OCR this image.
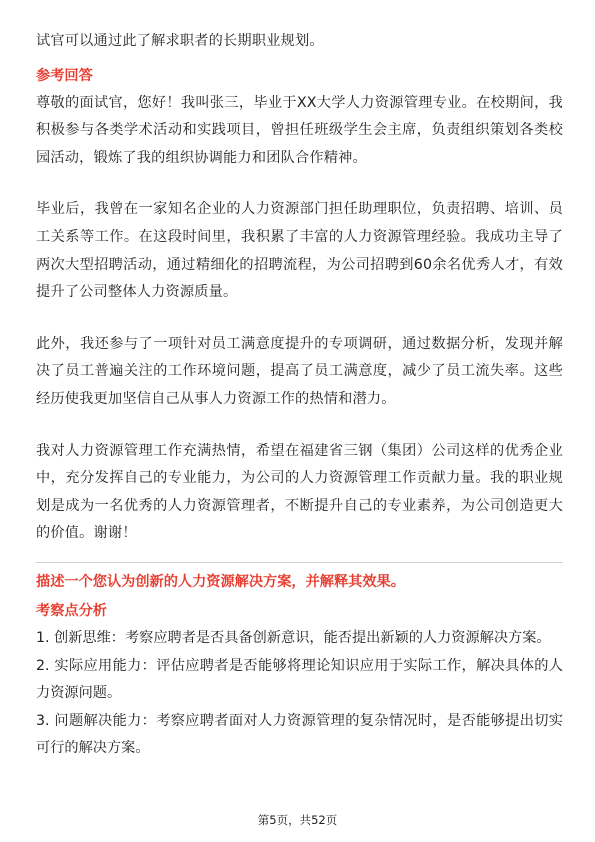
试官可以通过此了解求职者的长期职业规划。

参考回答

尊敬的面试官，您好！我叫张三，毕业于XX大学人力资源管理专业。在校期间，我积极参与各类学术活动和实践项目，曾担任班级学生会主席，负责组织策划各类校园活动，锻炼了我的组织协调能力和团队合作精神。

毕业后，我曾在一家知名企业的人力资源部门担任助理职位，负责招聘、培训、员工关系等工作。在这段时间里，我积累了丰富的人力资源管理经验。我成功主导了两次大型招聘活动，通过精细化的招聘流程，为公司招聘到60余名优秀人才，有效提升了公司整体人力资源质量。

此外，我还参与了一项针对员工满意度提升的专项调研，通过数据分析，发现并解决了员工普遍关注的工作环境问题，提高了员工满意度，减少了员工流失率。这些经历使我更加坚信自己从事人力资源工作的热情和潜力。

我对人力资源管理工作充满热情，希望在福建省三钢（集团）公司这样的优秀企业中，充分发挥自己的专业能力，为公司的人力资源管理工作贡献力量。我的职业规划是成为一名优秀的人力资源管理者，不断提升自己的专业素养，为公司创造更大的价值。谢谢！

描述一个您认为创新的人力资源解决方案，并解释其效果。

考察点分析

1. 创新思维：考察应聘者是否具备创新意识，能否提出新颖的人力资源解决方案。

2. 实际应用能力：评估应聘者是否能够将理论知识应用于实际工作，解决具体的人力资源问题。

3. 问题解决能力：考察应聘者面对人力资源管理的复杂情况时，是否能够提出切实可行的解决方案。

第5页，共52页
